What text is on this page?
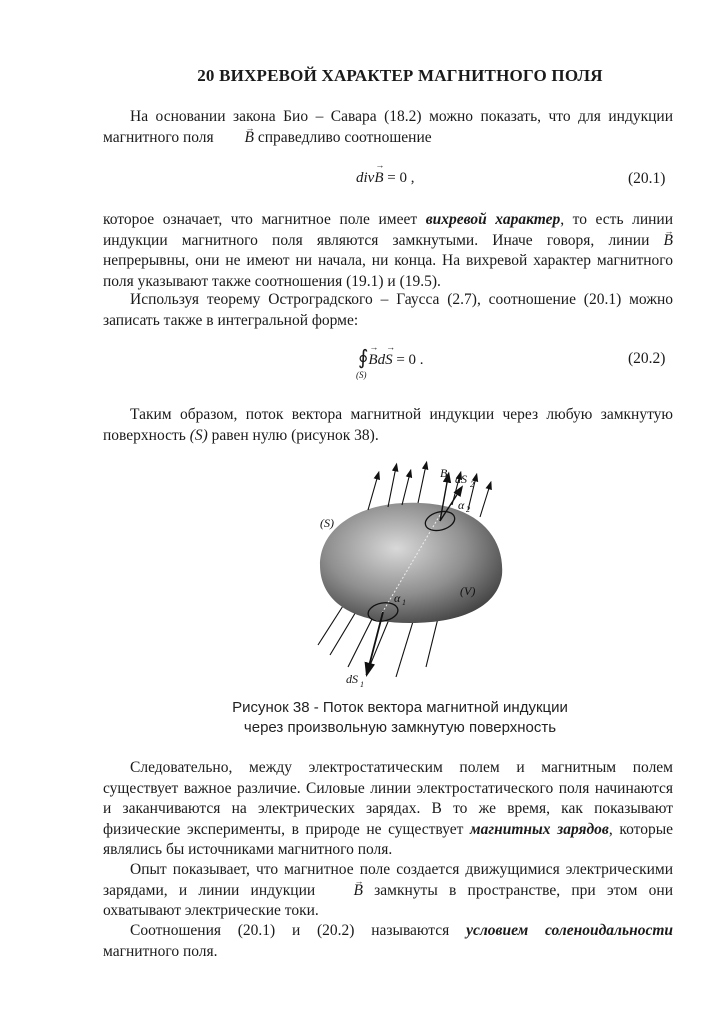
20 ВИХРЕВОЙ ХАРАКТЕР МАГНИТНОГО ПОЛЯ
На основании закона Био – Савара (18.2) можно показать, что для индукции магнитного поля → B справедливо соотношение
div→ B = 0 ,	(20.1)
которое означает, что магнитное поле имеет вихревой характер, то есть линии индукции магнитного поля являются замкнутыми. Иначе говоря, линии → B непрерывны, они не имеют ни начала, ни конца. На вихревой характер магнитного поля указывают также соотношения (19.1) и (19.5).
Используя теорему Остроградского – Гаусса (2.7), соотношение (20.1) можно записать также в интегральной форме:
∮→ Bd→ S = 0 .
(S)
(20.2)
Таким образом, поток вектора магнитной индукции через любую замкнутую поверхность (S) равен нулю (рисунок 38).
(S)
(V)
B dS 2
α 2
α 1
dS 1
Рисунок 38 - Поток вектора магнитной индукции
через произвольную замкнутую поверхность
Следовательно, между электростатическим полем и магнитным полем существует важное различие. Силовые линии электростатического поля начинаются и заканчиваются на электрических зарядах. В то же время, как показывают физические эксперименты, в природе не существует магнитных зарядов, которые являлись бы источниками магнитного поля.
Опыт показывает, что магнитное поле создается движущимися электрическими зарядами, и линии индукции → B замкнуты в пространстве, при этом они охватывают электрические токи.
Соотношения (20.1) и (20.2) называются условием соленоидальности магнитного поля.
